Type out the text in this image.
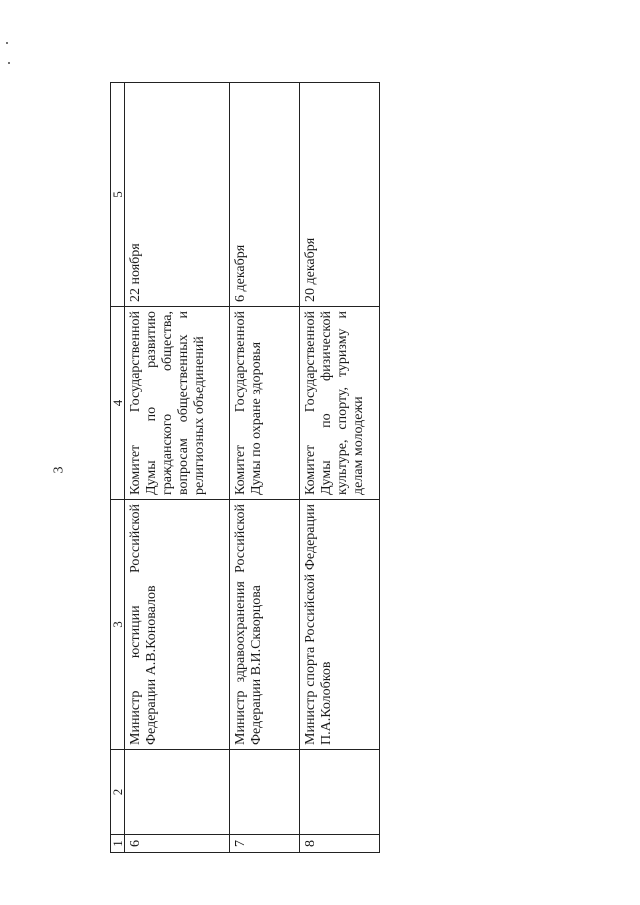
3
1	2	3	4	5
6		Министр юстиции Российской Федерации А.В.Коновалов	Комитет Государственной Думы по развитию гражданского общества, вопросам общественных и религиозных объединений	22 ноября
7		Министр здравоохранения Российской Федерации В.И.Скворцова	Комитет Государственной Думы по охране здоровья	6 декабря
8		Министр спорта Российской Федерации П.А.Колобков	Комитет Государственной Думы по физической культуре, спорту, туризму и делам молодежи	20 декабря
